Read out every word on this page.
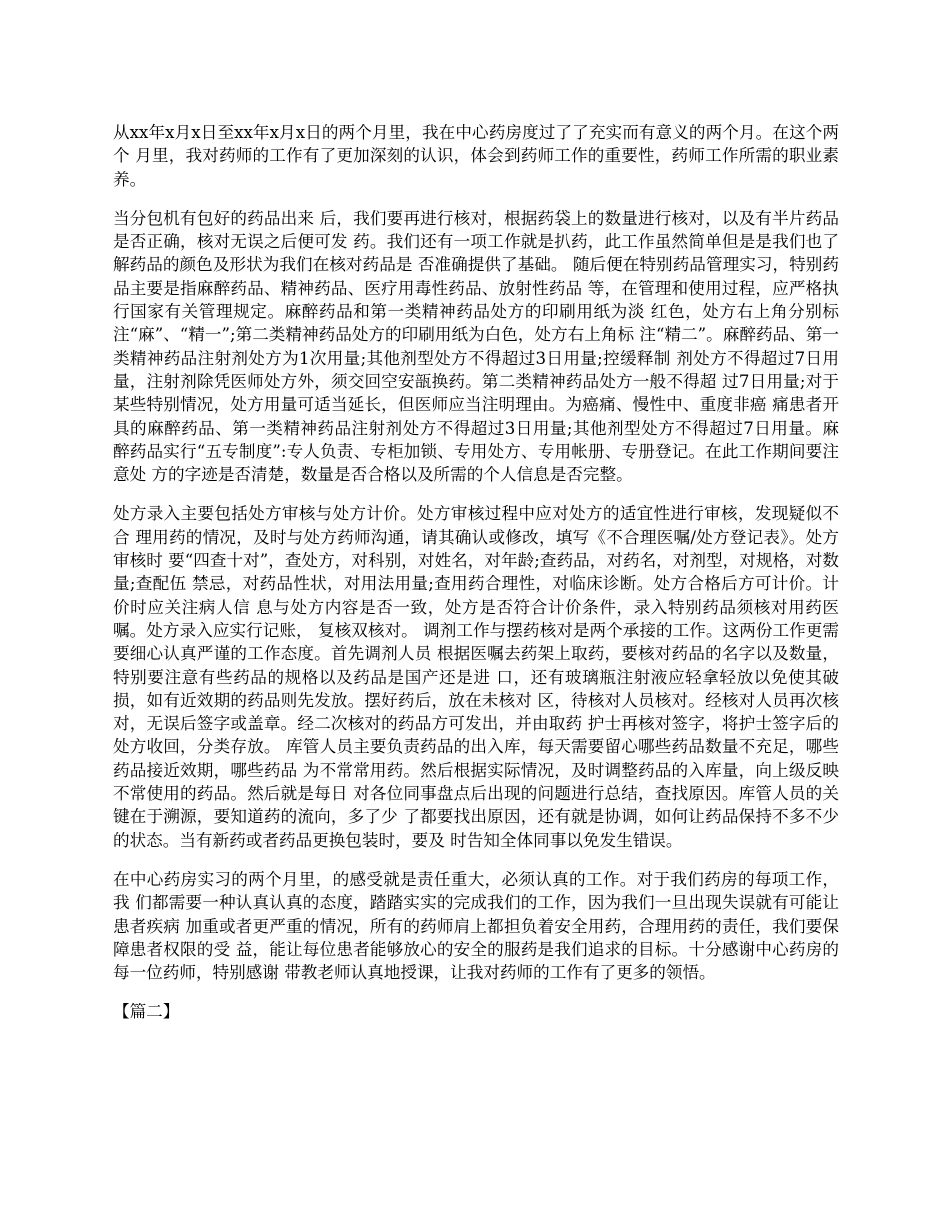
从xx年x月x日至xx年x月x日的两个月里，我在中心药房度过了了充实而有意义的两个月。在这个两个 月里，我对药师的工作有了更加深刻的认识，体会到药师工作的重要性，药师工作所需的职业素养。

当分包机有包好的药品出来 后，我们要再进行核对，根据药袋上的数量进行核对，以及有半片药品是否正确，核对无误之后便可发 药。我们还有一项工作就是扒药，此工作虽然简单但是是我们也了解药品的颜色及形状为我们在核对药品是 否准确提供了基础。 随后便在特别药品管理实习，特别药品主要是指麻醉药品、精神药品、医疗用毒性药品、放射性药品 等，在管理和使用过程，应严格执行国家有关管理规定。麻醉药品和第一类精神药品处方的印刷用纸为淡 红色，处方右上角分别标注“麻”、“精一”;第二类精神药品处方的印刷用纸为白色，处方右上角标 注“精二”。麻醉药品、第一类精神药品注射剂处方为1次用量;其他剂型处方不得超过3日用量;控缓释制 剂处方不得超过7日用量，注射剂除凭医师处方外，须交回空安瓿换药。第二类精神药品处方一般不得超 过7日用量;对于某些特别情况，处方用量可适当延长，但医师应当注明理由。为癌痛、慢性中、重度非癌 痛患者开具的麻醉药品、第一类精神药品注射剂处方不得超过3日用量;其他剂型处方不得超过7日用量。麻 醉药品实行“五专制度”:专人负责、专柜加锁、专用处方、专用帐册、专册登记。在此工作期间要注意处 方的字迹是否清楚，数量是否合格以及所需的个人信息是否完整。

处方录入主要包括处方审核与处方计价。处方审核过程中应对处方的适宜性进行审核，发现疑似不合 理用药的情况，及时与处方药师沟通，请其确认或修改，填写《不合理医嘱/处方登记表》。处方审核时 要“四查十对”，查处方，对科别，对姓名，对年龄;查药品，对药名，对剂型，对规格，对数量;查配伍 禁忌，对药品性状，对用法用量;查用药合理性，对临床诊断。处方合格后方可计价。计价时应关注病人信 息与处方内容是否一致，处方是否符合计价条件，录入特别药品须核对用药医嘱。处方录入应实行记账， 复核双核对。 调剂工作与摆药核对是两个承接的工作。这两份工作更需要细心认真严谨的工作态度。首先调剂人员 根据医嘱去药架上取药，要核对药品的名字以及数量，特别要注意有些药品的规格以及药品是国产还是进 口，还有玻璃瓶注射液应轻拿轻放以免使其破损，如有近效期的药品则先发放。摆好药后，放在未核对 区，待核对人员核对。经核对人员再次核对，无误后签字或盖章。经二次核对的药品方可发出，并由取药 护士再核对签字，将护士签字后的处方收回，分类存放。 库管人员主要负责药品的出入库，每天需要留心哪些药品数量不充足，哪些药品接近效期，哪些药品 为不常常用药。然后根据实际情况，及时调整药品的入库量，向上级反映不常使用的药品。然后就是每日 对各位同事盘点后出现的问题进行总结，查找原因。库管人员的关键在于溯源，要知道药的流向，多了少 了都要找出原因，还有就是协调，如何让药品保持不多不少的状态。当有新药或者药品更换包装时，要及 时告知全体同事以免发生错误。

在中心药房实习的两个月里，的感受就是责任重大，必须认真的工作。对于我们药房的每项工作，我 们都需要一种认真认真的态度，踏踏实实的完成我们的工作，因为我们一旦出现失误就有可能让患者疾病 加重或者更严重的情况，所有的药师肩上都担负着安全用药，合理用药的责任，我们要保障患者权限的受 益，能让每位患者能够放心的安全的服药是我们追求的目标。十分感谢中心药房的每一位药师，特别感谢 带教老师认真地授课，让我对药师的工作有了更多的领悟。

【篇二】
